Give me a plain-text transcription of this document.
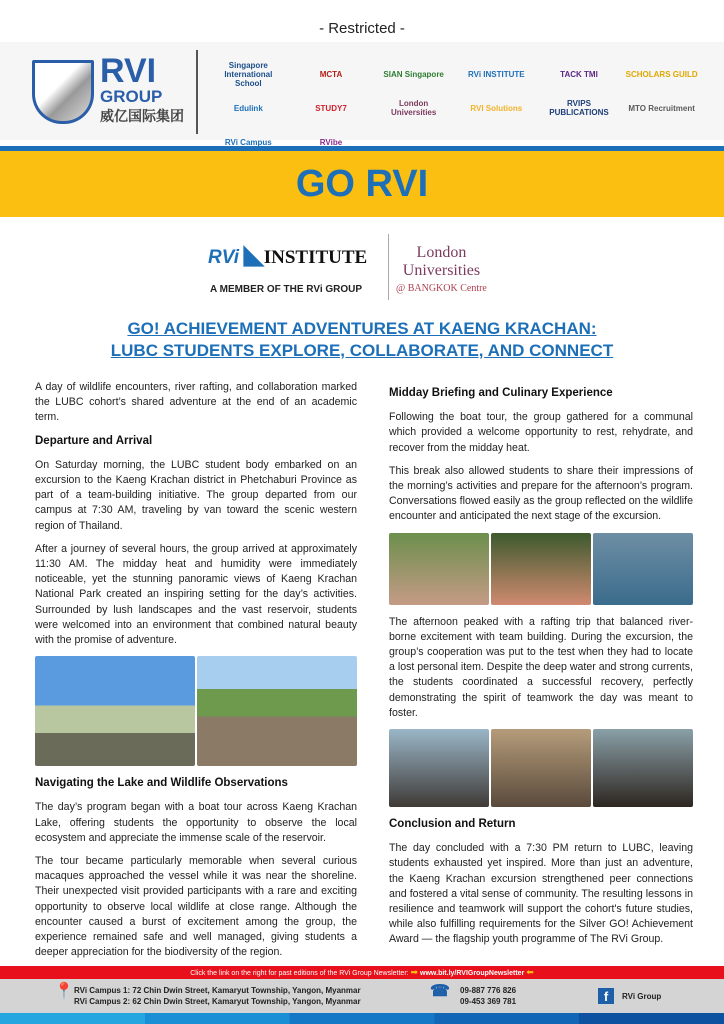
- Restricted -
RVI
GROUP
威亿国际集团
Singapore International School
MCTA	SIAN Singapore	RVi INSTITUTE	TACK TMI	SCHOLARS GUILD
Edulink	STUDY7	London Universities	RVI Solutions	RVIPS PUBLICATIONS	MTO Recruitment
RVi Campus	RVibe
GO RVI
RVi ◣INSTITUTE
A MEMBER OF THE RVi GROUP
London
Universities
@ BANGKOK Centre
GO! ACHIEVEMENT ADVENTURES AT KAENG KRACHAN:
LUBC STUDENTS EXPLORE, COLLABORATE, AND CONNECT

A day of wildlife encounters, river rafting, and collaboration marked the LUBC cohort’s shared adventure at the end of an academic term.

Departure and Arrival

On Saturday morning, the LUBC student body embarked on an excursion to the Kaeng Krachan district in Phetchaburi Province as part of a team-building initiative. The group departed from our campus at 7:30 AM, traveling by van toward the scenic western region of Thailand.

After a journey of several hours, the group arrived at approximately 11:30 AM. The midday heat and humidity were immediately noticeable, yet the stunning panoramic views of Kaeng Krachan National Park created an inspiring setting for the day’s activities. Surrounded by lush landscapes and the vast reservoir, students were welcomed into an environment that combined natural beauty with the promise of adventure.

Navigating the Lake and Wildlife Observations

The day’s program began with a boat tour across Kaeng Krachan Lake, offering students the opportunity to observe the local ecosystem and appreciate the immense scale of the reservoir.

The tour became particularly memorable when several curious macaques approached the vessel while it was near the shoreline. Their unexpected visit provided participants with a rare and exciting opportunity to observe local wildlife at close range. Although the encounter caused a burst of excitement among the group, the experience remained safe and well managed, giving students a deeper appreciation for the biodiversity of the region.

Midday Briefing and Culinary Experience

Following the boat tour, the group gathered for a communal which provided a welcome opportunity to rest, rehydrate, and recover from the midday heat.

This break also allowed students to share their impressions of the morning’s activities and prepare for the afternoon’s program. Conversations flowed easily as the group reflected on the wildlife encounter and anticipated the next stage of the excursion.

The afternoon peaked with a rafting trip that balanced river-borne excitement with team building. During the excursion, the group’s cooperation was put to the test when they had to locate a lost personal item. Despite the deep water and strong currents, the students coordinated a successful recovery, perfectly demonstrating the spirit of teamwork the day was meant to foster.

Conclusion and Return

The day concluded with a 7:30 PM return to LUBC, leaving students exhausted yet inspired. More than just an adventure, the Kaeng Krachan excursion strengthened peer connections and fostered a vital sense of community. The resulting lessons in resilience and teamwork will support the cohort's future studies, while also fulfilling requirements for the Silver GO! Achievement Award — the flagship youth programme of The RVi Group.

Click the link on the right for past editions of the RVi Group Newsletter: ➡ www.bit.ly/RVIGroupNewsletter ⬅
📍 RVi Campus 1: 72 Chin Dwin Street, Kamaryut Township, Yangon, Myanmar
RVi Campus 2: 62 Chin Dwin Street, Kamaryut Township, Yangon, Myanmar
☎ 09-887 776 826
09-453 369 781	f	RVi Group
